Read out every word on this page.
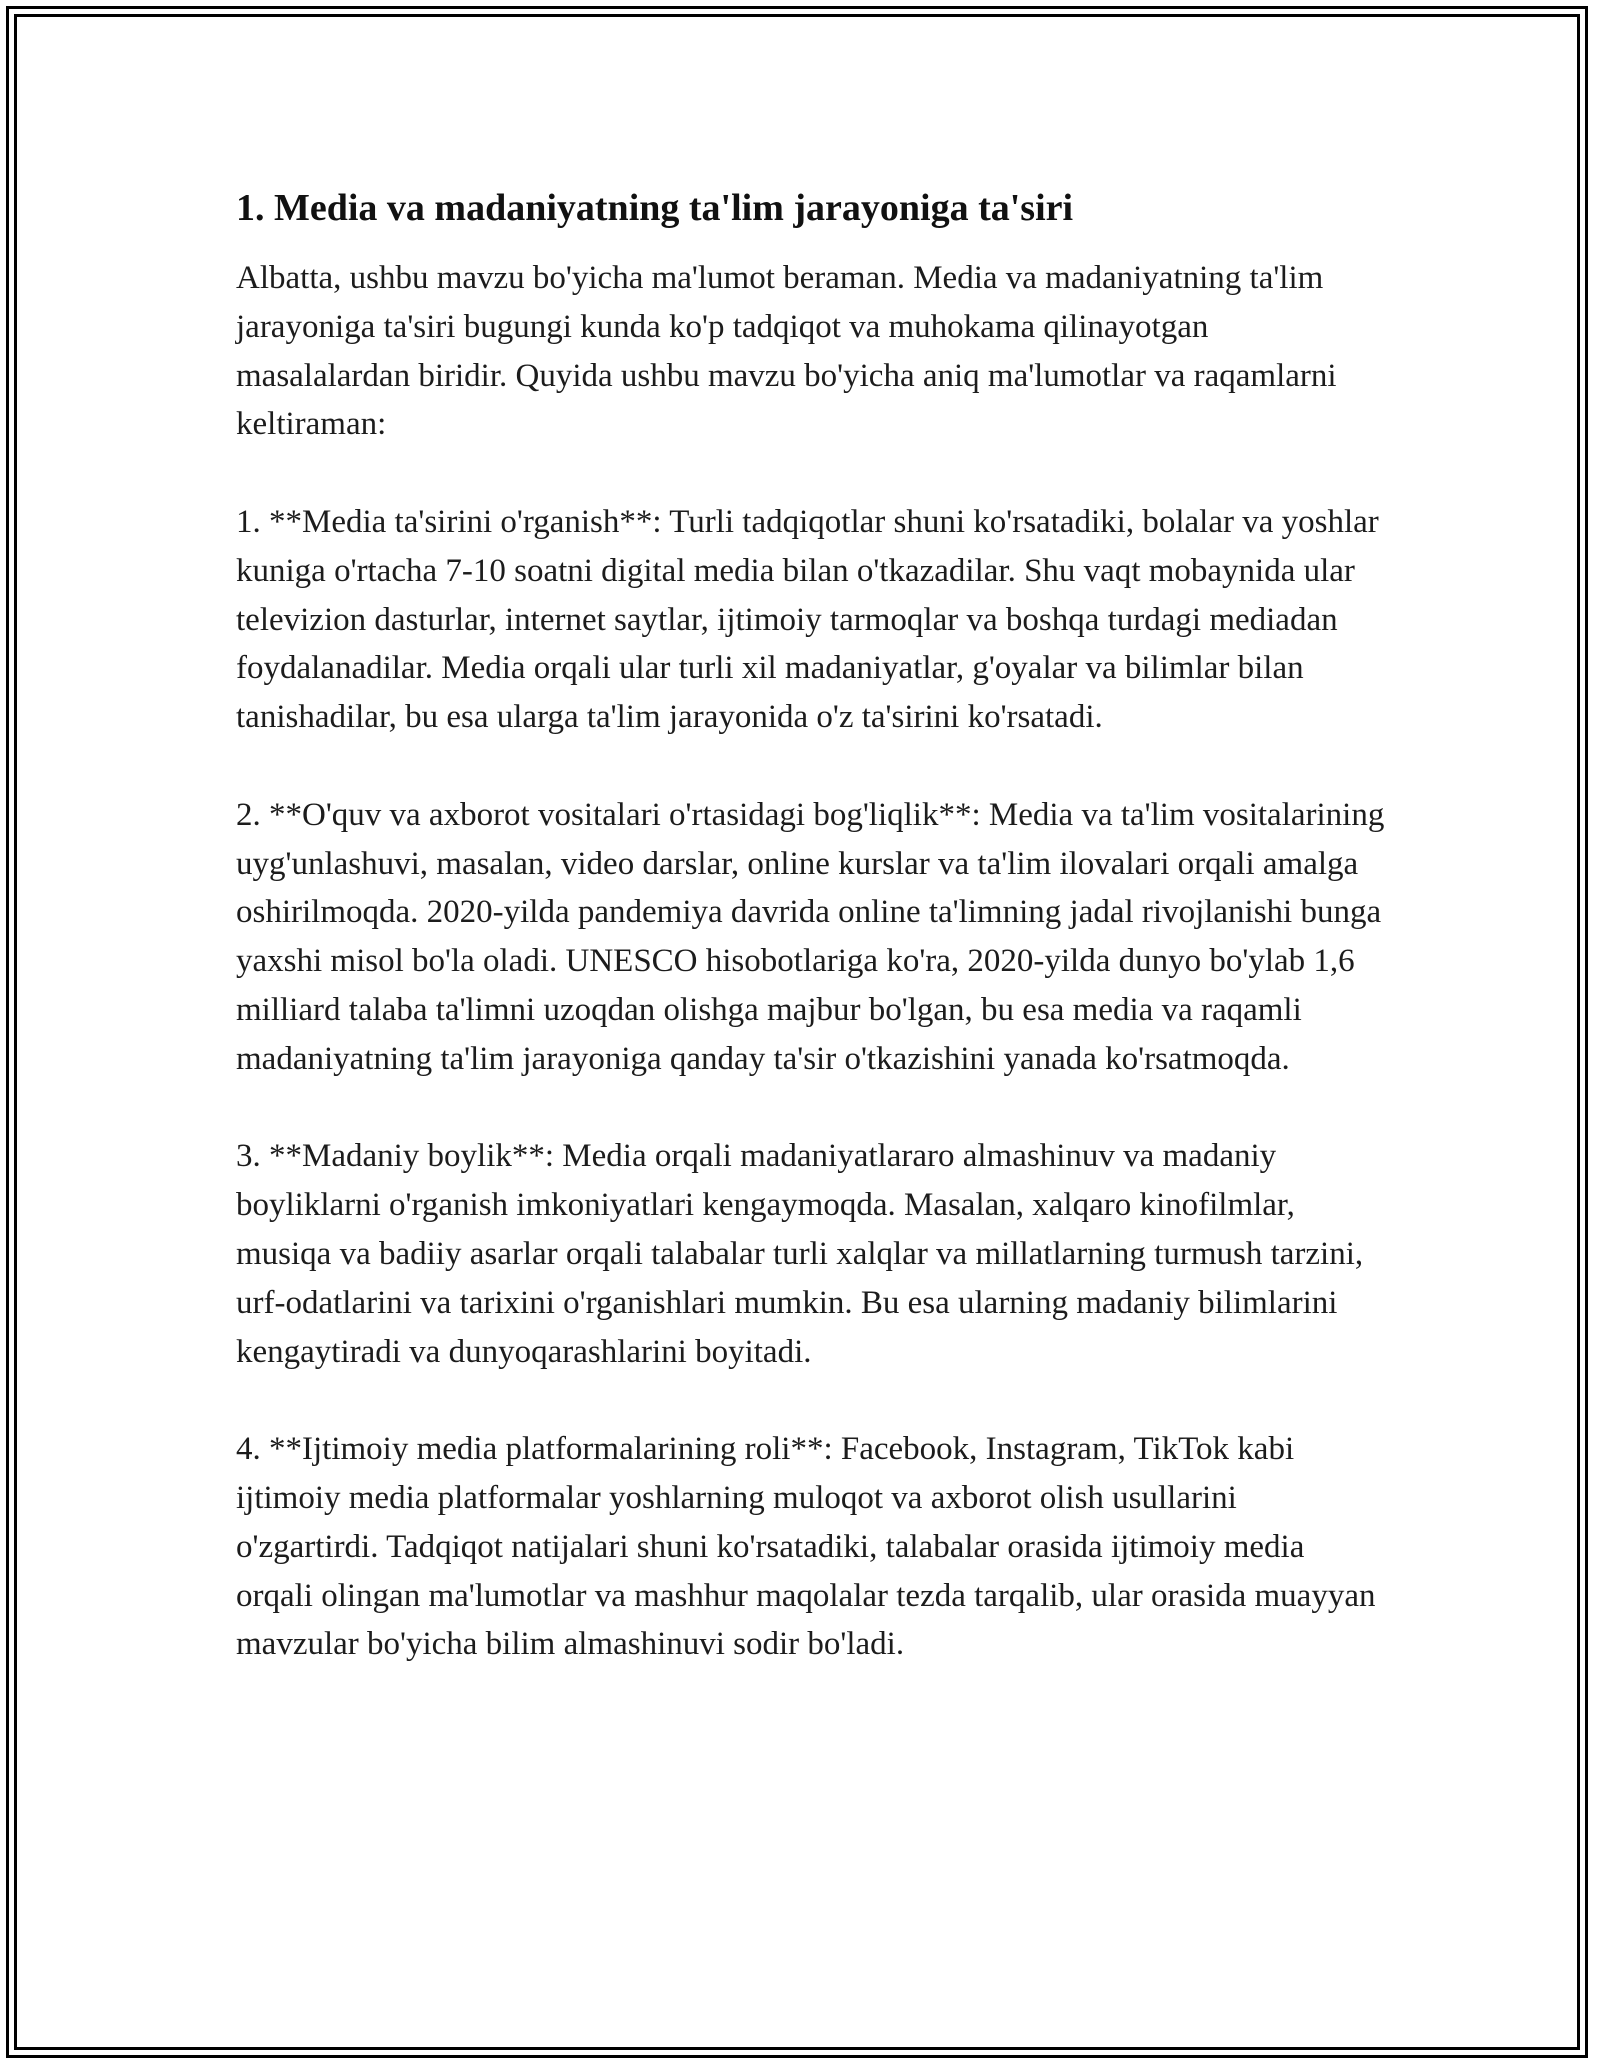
1. Media va madaniyatning ta'lim jarayoniga ta'siri

Albatta, ushbu mavzu bo'yicha ma'lumot beraman. Media va madaniyatning ta'lim jarayoniga ta'siri bugungi kunda ko'p tadqiqot va muhokama qilinayotgan masalalardan biridir. Quyida ushbu mavzu bo'yicha aniq ma'lumotlar va raqamlarni keltiraman:

1. **Media ta'sirini o'rganish**: Turli tadqiqotlar shuni ko'rsatadiki, bolalar va yoshlar kuniga o'rtacha 7-10 soatni digital media bilan o'tkazadilar. Shu vaqt mobaynida ular televizion dasturlar, internet saytlar, ijtimoiy tarmoqlar va boshqa turdagi mediadan foydalanadilar. Media orqali ular turli xil madaniyatlar, g'oyalar va bilimlar bilan tanishadilar, bu esa ularga ta'lim jarayonida o'z ta'sirini ko'rsatadi.

2. **O'quv va axborot vositalari o'rtasidagi bog'liqlik**: Media va ta'lim vositalarining uyg'unlashuvi, masalan, video darslar, online kurslar va ta'lim ilovalari orqali amalga oshirilmoqda. 2020-yilda pandemiya davrida online ta'limning jadal rivojlanishi bunga yaxshi misol bo'la oladi. UNESCO hisobotlariga ko'ra, 2020-yilda dunyo bo'ylab 1,6 milliard talaba ta'limni uzoqdan olishga majbur bo'lgan, bu esa media va raqamli madaniyatning ta'lim jarayoniga qanday ta'sir o'tkazishini yanada ko'rsatmoqda.

3. **Madaniy boylik**: Media orqali madaniyatlararo almashinuv va madaniy boyliklarni o'rganish imkoniyatlari kengaymoqda. Masalan, xalqaro kinofilmlar, musiqa va badiiy asarlar orqali talabalar turli xalqlar va millatlarning turmush tarzini, urf-odatlarini va tarixini o'rganishlari mumkin. Bu esa ularning madaniy bilimlarini kengaytiradi va dunyoqarashlarini boyitadi.

4. **Ijtimoiy media platformalarining roli**: Facebook, Instagram, TikTok kabi ijtimoiy media platformalar yoshlarning muloqot va axborot olish usullarini o'zgartirdi. Tadqiqot natijalari shuni ko'rsatadiki, talabalar orasida ijtimoiy media orqali olingan ma'lumotlar va mashhur maqolalar tezda tarqalib, ular orasida muayyan mavzular bo'yicha bilim almashinuvi sodir bo'ladi.
